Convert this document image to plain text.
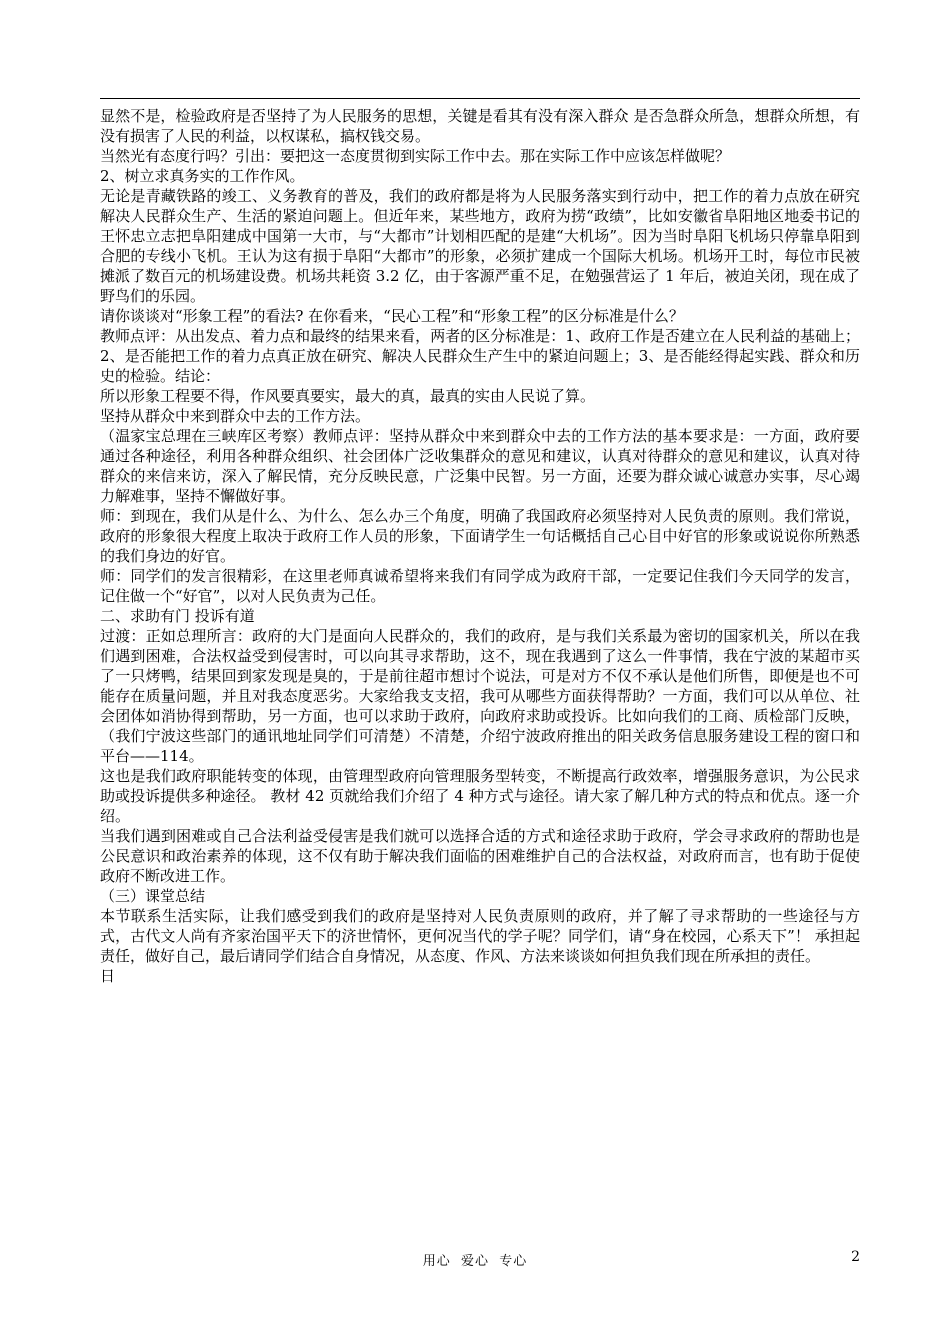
显然不是，检验政府是否坚持了为人民服务的思想，关键是看其有没有深入群众 是否急群众所急，想群众所想，有没有损害了人民的利益，以权谋私，搞权钱交易。

当然光有态度行吗？引出：要把这一态度贯彻到实际工作中去。那在实际工作中应该怎样做呢？

2、树立求真务实的工作作风。

无论是青藏铁路的竣工、义务教育的普及，我们的政府都是将为人民服务落实到行动中，把工作的着力点放在研究解决人民群众生产、生活的紧迫问题上。但近年来，某些地方，政府为捞“政绩”，比如安徽省阜阳地区地委书记的王怀忠立志把阜阳建成中国第一大市，与“大都市”计划相匹配的是建“大机场”。因为当时阜阳飞机场只停靠阜阳到合肥的专线小飞机。王认为这有损于阜阳“大都市”的形象，必须扩建成一个国际大机场。机场开工时，每位市民被摊派了数百元的机场建设费。机场共耗资 3.2 亿，由于客源严重不足，在勉强营运了 1 年后，被迫关闭，现在成了野鸟们的乐园。

请你谈谈对“形象工程”的看法? 在你看来，“民心工程”和“形象工程”的区分标准是什么？

教师点评：从出发点、着力点和最终的结果来看，两者的区分标准是：1、政府工作是否建立在人民利益的基础上；2、是否能把工作的着力点真正放在研究、解决人民群众生产生中的紧迫问题上；3、是否能经得起实践、群众和历史的检验。结论：

所以形象工程要不得，作风要真要实，最大的真，最真的实由人民说了算。

坚持从群众中来到群众中去的工作方法。

（温家宝总理在三峡库区考察）教师点评：坚持从群众中来到群众中去的工作方法的基本要求是：一方面，政府要通过各种途径，利用各种群众组织、社会团体广泛收集群众的意见和建议，认真对待群众的意见和建议，认真对待群众的来信来访，深入了解民情，充分反映民意，广泛集中民智。另一方面，还要为群众诚心诚意办实事，尽心竭力解难事，坚持不懈做好事。

师：到现在，我们从是什么、为什么、怎么办三个角度，明确了我国政府必须坚持对人民负责的原则。我们常说，政府的形象很大程度上取决于政府工作人员的形象，下面请学生一句话概括自己心目中好官的形象或说说你所熟悉的我们身边的好官。

师：同学们的发言很精彩，在这里老师真诚希望将来我们有同学成为政府干部，一定要记住我们今天同学的发言，记住做一个“好官”，以对人民负责为己任。

二、求助有门 投诉有道

过渡：正如总理所言：政府的大门是面向人民群众的，我们的政府，是与我们关系最为密切的国家机关，所以在我们遇到困难，合法权益受到侵害时，可以向其寻求帮助，这不，现在我遇到了这么一件事情，我在宁波的某超市买了一只烤鸭，结果回到家发现是臭的，于是前往超市想讨个说法，可是对方不仅不承认是他们所售，即便是也不可能存在质量问题，并且对我态度恶劣。大家给我支支招，我可从哪些方面获得帮助？一方面，我们可以从单位、社会团体如消协得到帮助，另一方面，也可以求助于政府，向政府求助或投诉。比如向我们的工商、质检部门反映，（我们宁波这些部门的通讯地址同学们可清楚）不清楚，介绍宁波政府推出的阳关政务信息服务建设工程的窗口和平台——114。

这也是我们政府职能转变的体现，由管理型政府向管理服务型转变，不断提高行政效率，增强服务意识，为公民求助或投诉提供多种途径。 教材 42 页就给我们介绍了 4 种方式与途径。请大家了解几种方式的特点和优点。逐一介绍。

当我们遇到困难或自己合法利益受侵害是我们就可以选择合适的方式和途径求助于政府，学会寻求政府的帮助也是公民意识和政治素养的体现，这不仅有助于解决我们面临的困难维护自己的合法权益，对政府而言，也有助于促使政府不断改进工作。

（三）课堂总结

本节联系生活实际，让我们感受到我们的政府是坚持对人民负责原则的政府，并了解了寻求帮助的一些途径与方式，古代文人尚有齐家治国平天下的济世情怀，更何况当代的学子呢？同学们，请“身在校园，心系天下”！ 承担起责任，做好自己，最后请同学们结合自身情况，从态度、作风、方法来谈谈如何担负我们现在所承担的责任。

日

用心  爱心  专心	2
